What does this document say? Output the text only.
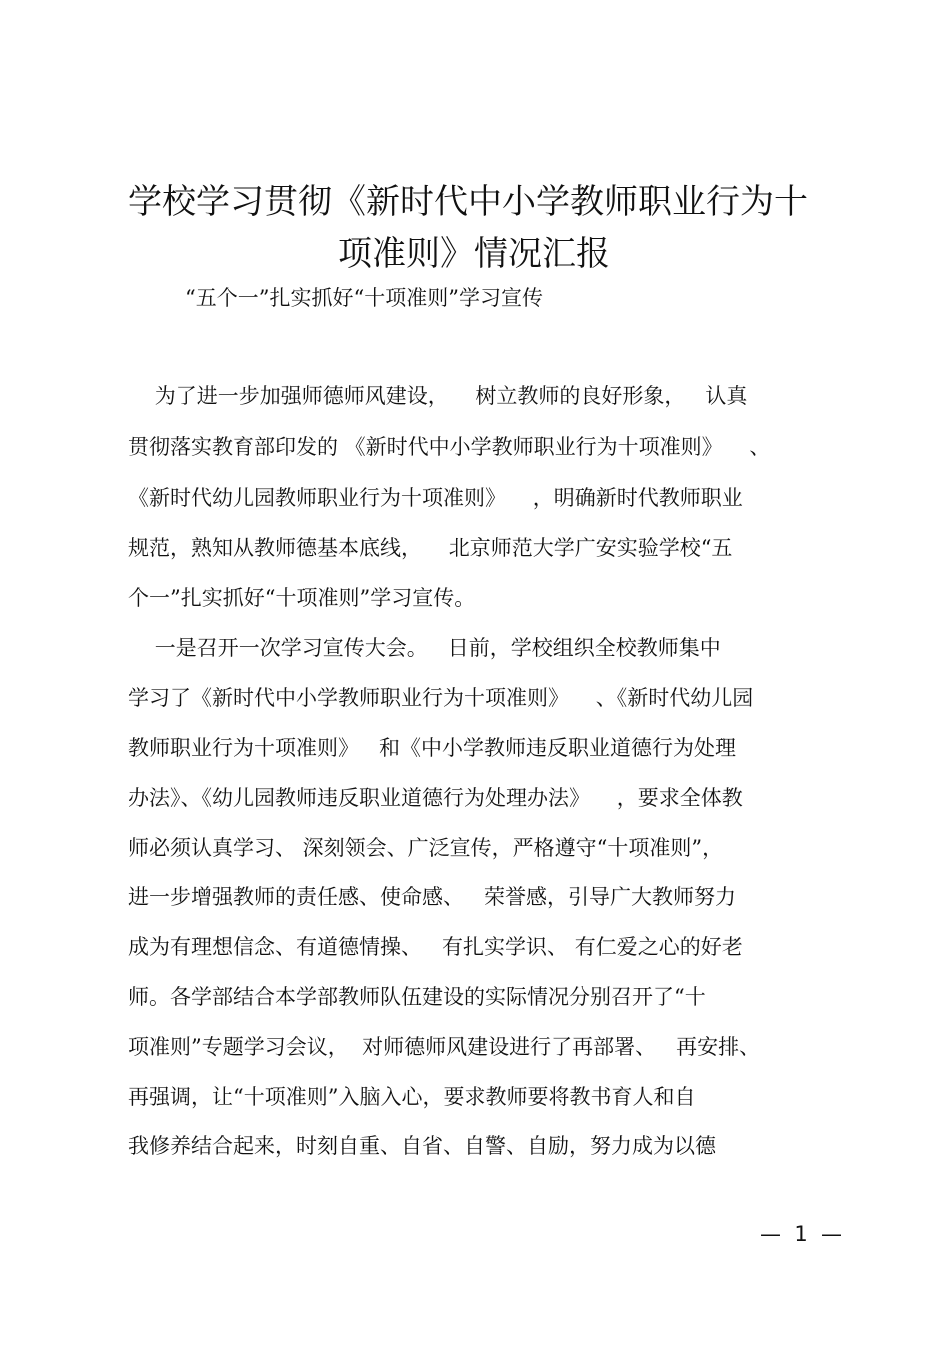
学校学习贯彻《新时代中小学教师职业行为十
项准则》情况汇报
“五个一”扎实抓好“十项准则”学习宣传
为了进一步加强师德师风建设，    树立教师的良好形象，   认真
贯彻落实教育部印发的 《新时代中小学教师职业行为十项准则》    、
《新时代幼儿园教师职业行为十项准则》    ，明确新时代教师职业
规范，熟知从教师德基本底线，    北京师范大学广安实验学校“五
个一”扎实抓好“十项准则”学习宣传。
一是召开一次学习宣传大会。   日前，学校组织全校教师集中
学习了《新时代中小学教师职业行为十项准则》    、《新时代幼儿园
教师职业行为十项准则》   和《中小学教师违反职业道德行为处理
办法》、《幼儿园教师违反职业道德行为处理办法》    ，要求全体教
师必须认真学习、 深刻领会、广泛宣传，严格遵守“十项准则”，
进一步增强教师的责任感、使命感、   荣誉感，引导广大教师努力
成为有理想信念、有道德情操、   有扎实学识、 有仁爱之心的好老
师。各学部结合本学部教师队伍建设的实际情况分别召开了“十
项准则”专题学习会议，  对师德师风建设进行了再部署、   再安排、
再强调，让“十项准则”入脑入心，要求教师要将教书育人和自
我修养结合起来，时刻自重、自省、自警、自励，努力成为以德
—  1  —
